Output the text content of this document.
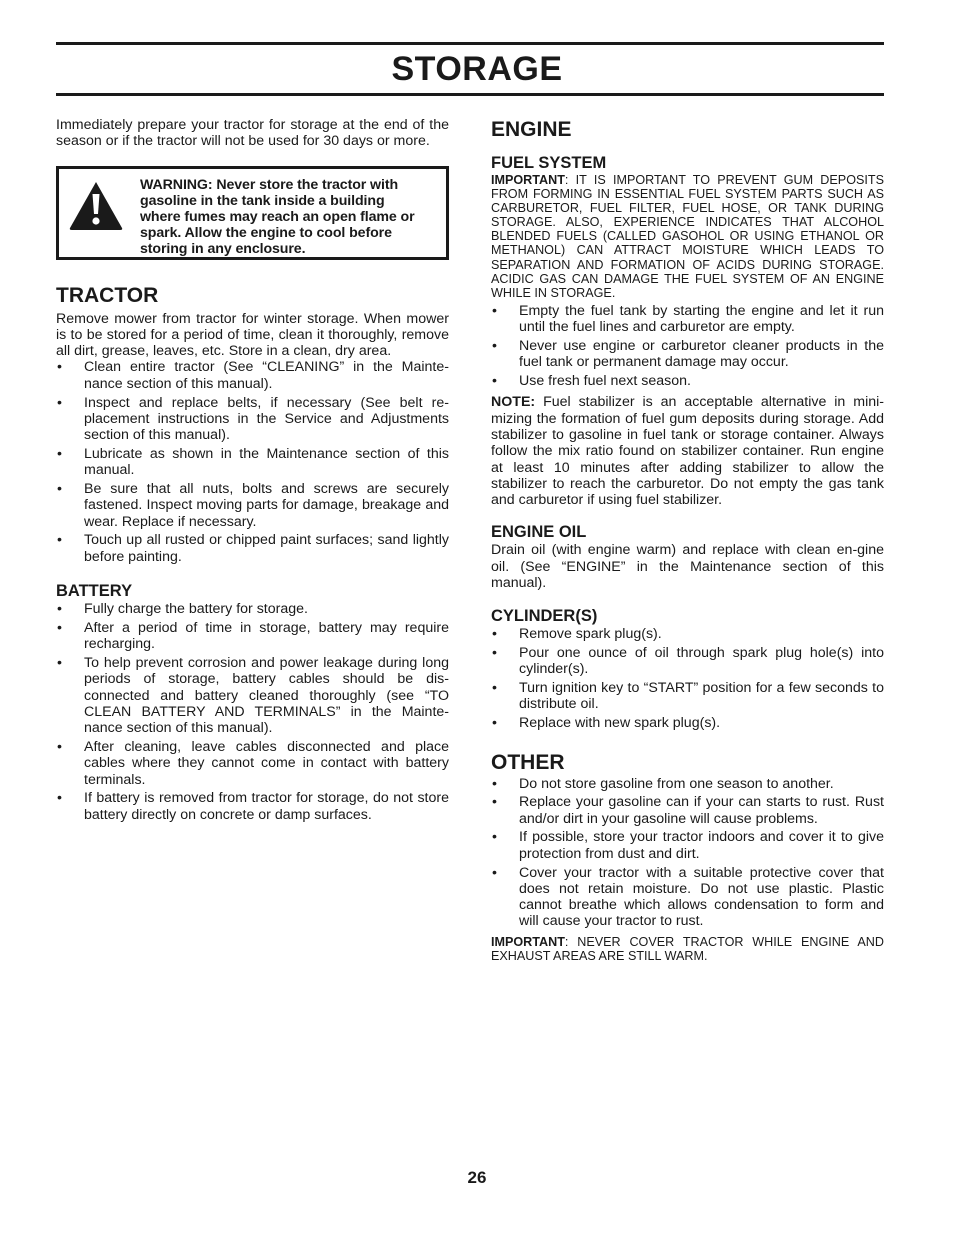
STORAGE

Immediately prepare your tractor for storage at the end of the season or if the tractor will not be used for 30 days or more.

WARNING: Never store the tractor with gasoline in the tank inside a building where fumes may reach an open flame or spark. Allow the engine to cool before storing in any enclosure.
TRACTOR

Remove mower from tractor for winter storage. When mower is to be stored for a period of time, clean it thoroughly, remove all dirt, grease, leaves, etc. Store in a clean, dry area.

• Clean entire tractor (See “CLEANING” in the Mainte-nance section of this manual).
• Inspect and replace belts, if necessary (See belt re-placement instructions in the Service and Adjustments section of this manual).
• Lubricate as shown in the Maintenance section of this manual.
• Be sure that all nuts, bolts and screws are securely fastened. Inspect moving parts for damage, breakage and wear. Replace if necessary.
• Touch up all rusted or chipped paint surfaces; sand lightly before painting.
BATTERY
• Fully charge the battery for storage.
• After a period of time in storage, battery may require recharging.
• To help prevent corrosion and power leakage during long periods of storage, battery cables should be dis-connected and battery cleaned thoroughly (see “TO CLEAN BATTERY AND TERMINALS” in the Mainte-nance section of this manual).
• After cleaning, leave cables disconnected and place cables where they cannot come in contact with battery terminals.
• If battery is removed from tractor for storage, do not store battery directly on concrete or damp surfaces.
ENGINE
FUEL SYSTEM

IMPORTANT: IT IS IMPORTANT TO PREVENT GUM DEPOSITS FROM FORMING IN ESSENTIAL FUEL SYSTEM PARTS SUCH AS CARBURETOR, FUEL FILTER, FUEL HOSE, OR TANK DURING STORAGE. ALSO, EXPERIENCE INDICATES THAT ALCOHOL BLENDED FUELS (CALLED GASOHOL OR USING ETHANOL OR METHANOL) CAN ATTRACT MOISTURE WHICH LEADS TO SEPARATION AND FORMATION OF ACIDS DURING STORAGE. ACIDIC GAS CAN DAMAGE THE FUEL SYSTEM OF AN ENGINE WHILE IN STORAGE.

• Empty the fuel tank by starting the engine and let it run until the fuel lines and carburetor are empty.
• Never use engine or carburetor cleaner products in the fuel tank or permanent damage may occur.
• Use fresh fuel next season.

NOTE: Fuel stabilizer is an acceptable alternative in mini-mizing the formation of fuel gum deposits during storage. Add stabilizer to gasoline in fuel tank or storage container. Always follow the mix ratio found on stabilizer container. Run engine at least 10 minutes after adding stabilizer to allow the stabilizer to reach the carburetor. Do not empty the gas tank and carburetor if using fuel stabilizer.

ENGINE OIL

Drain oil (with engine warm) and replace with clean en-gine oil. (See “ENGINE” in the Maintenance section of this manual).

CYLINDER(S)
• Remove spark plug(s).
• Pour one ounce of oil through spark plug hole(s) into cylinder(s).
• Turn ignition key to “START” position for a few seconds to distribute oil.
• Replace with new spark plug(s).
OTHER
• Do not store gasoline from one season to another.
• Replace your gasoline can if your can starts to rust. Rust and/or dirt in your gasoline will cause problems.
• If possible, store your tractor indoors and cover it to give protection from dust and dirt.
• Cover your tractor with a suitable protective cover that does not retain moisture. Do not use plastic. Plastic cannot breathe which allows condensation to form and will cause your tractor to rust.

IMPORTANT: NEVER COVER TRACTOR WHILE ENGINE AND EXHAUST AREAS ARE STILL WARM.

26
